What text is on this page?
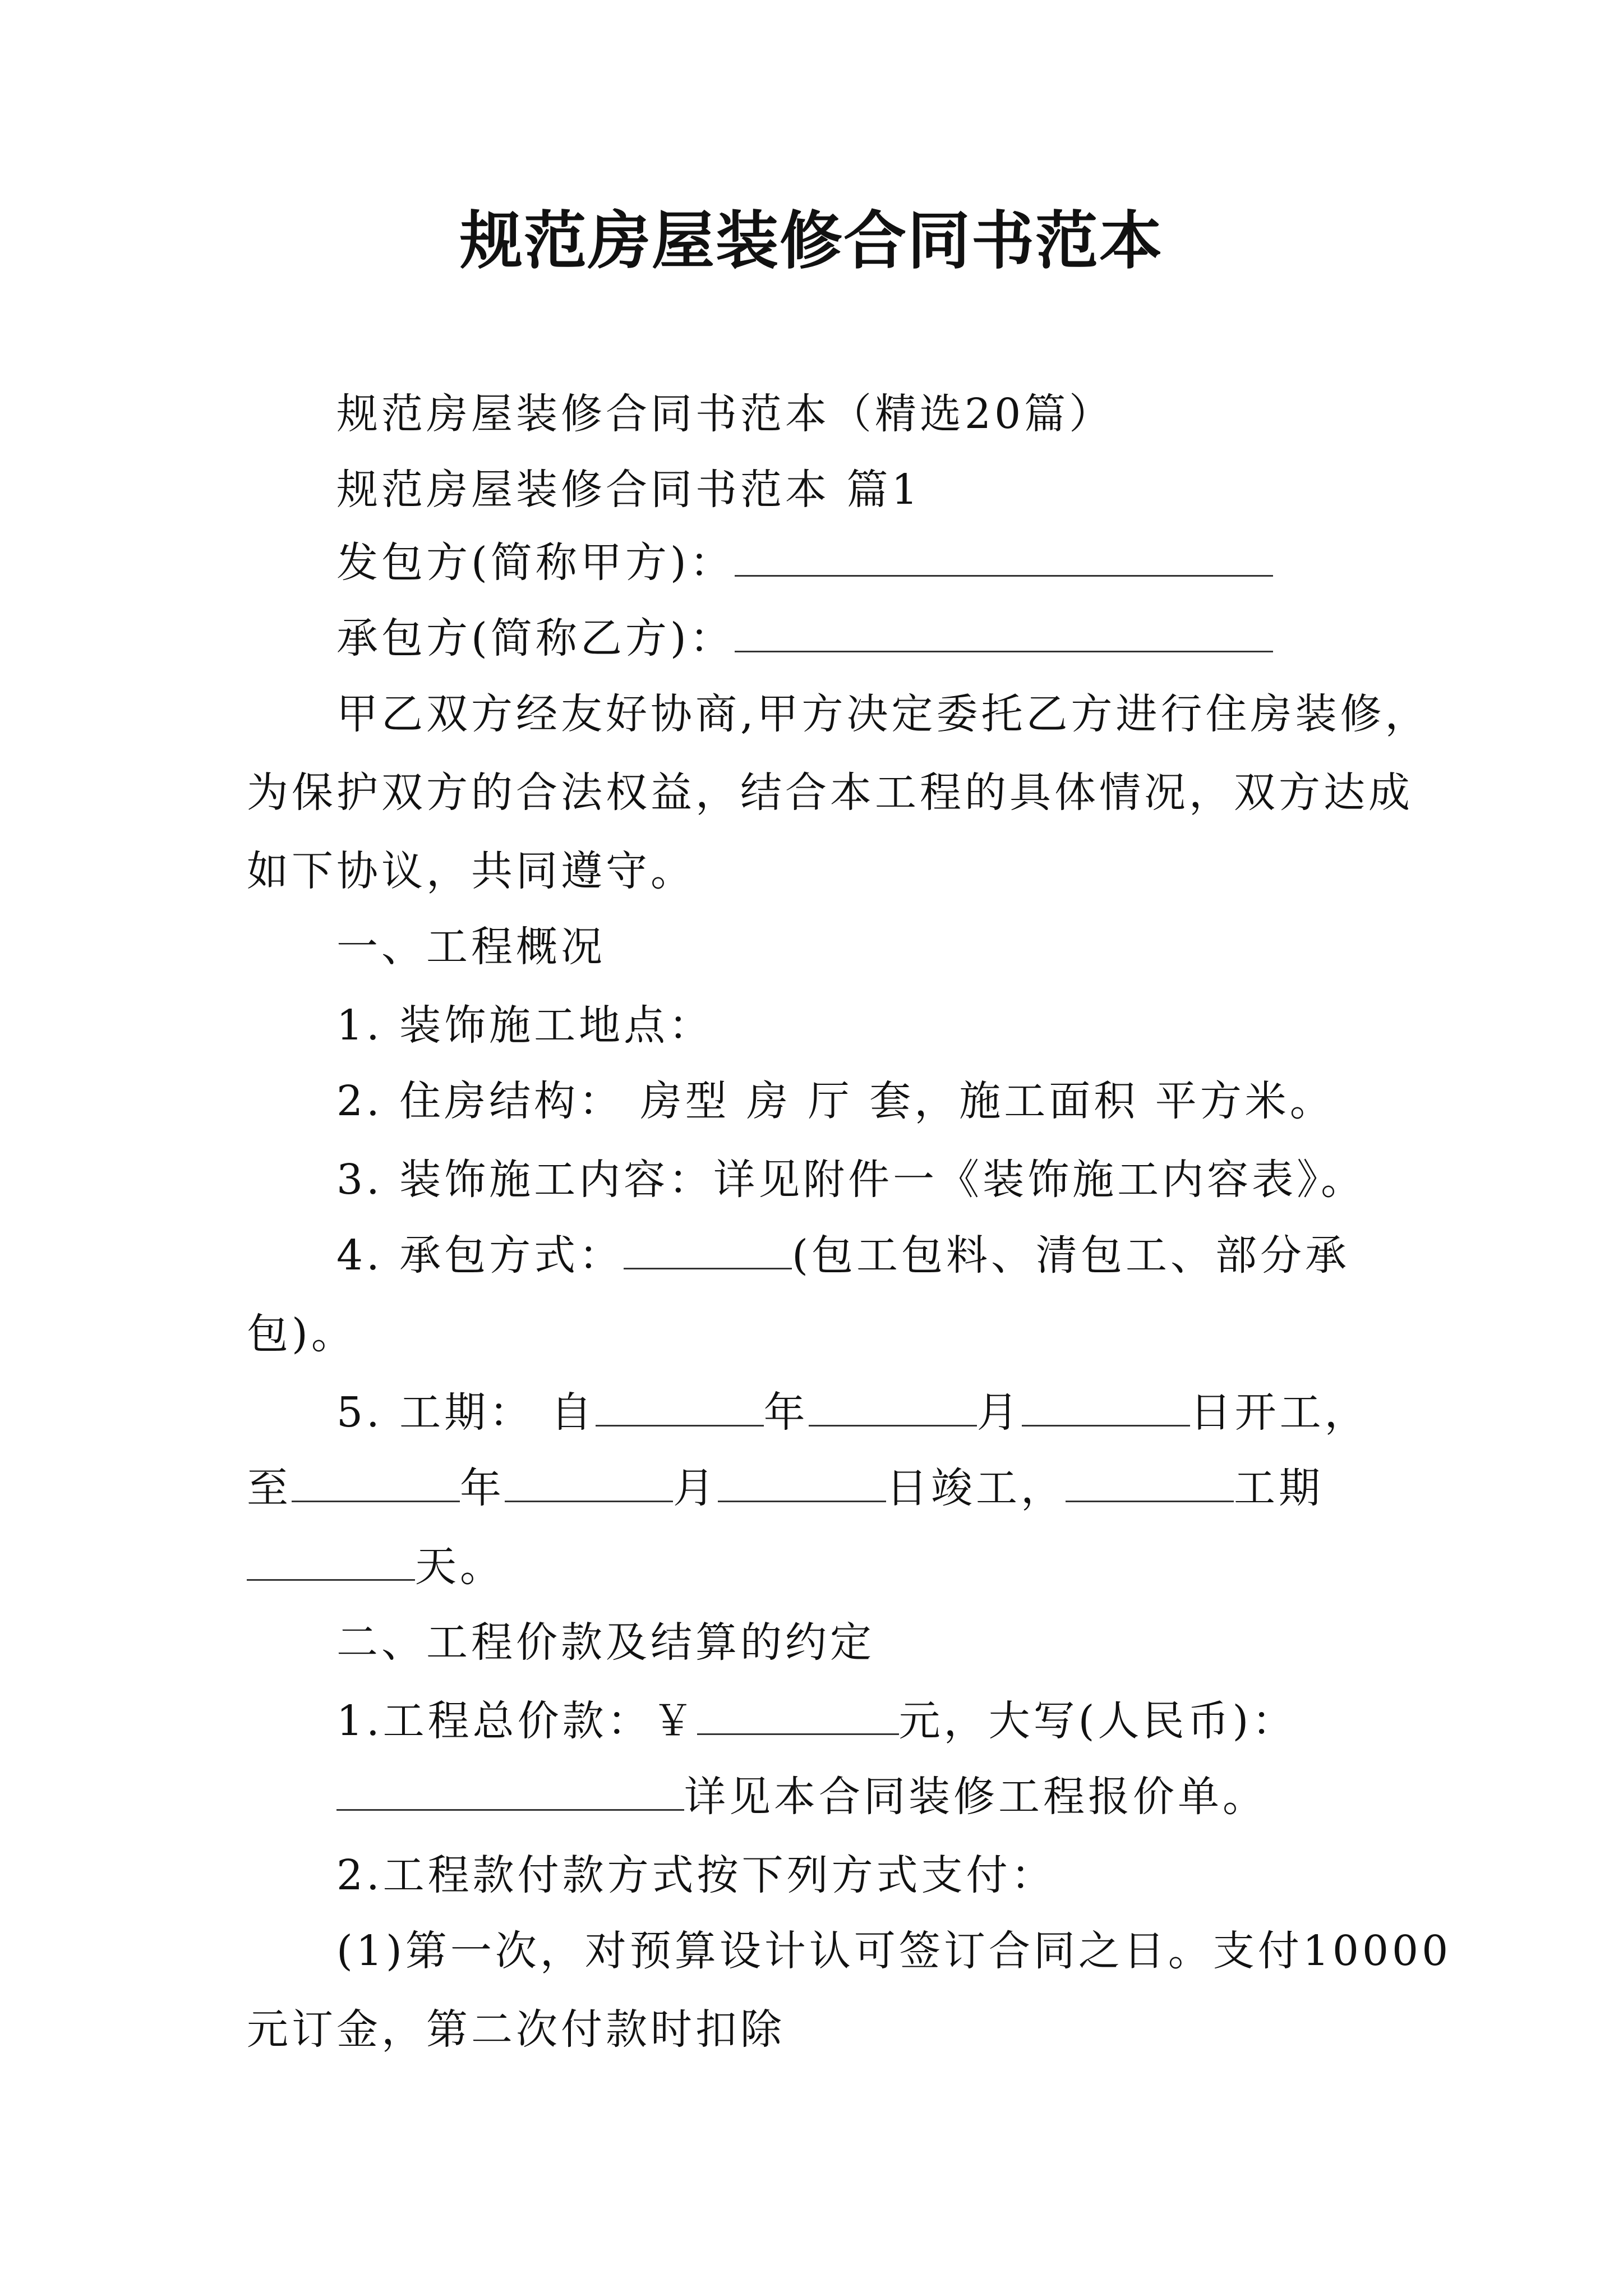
规范房屋装修合同书范本
规范房屋装修合同书范本（精选20篇）
规范房屋装修合同书范本 篇1
发包方(简称甲方)：
承包方(简称乙方)：
甲乙双方经友好协商,甲方决定委托乙方进行住房装修，
为保护双方的合法权益，结合本工程的具体情况，双方达成
如下协议，共同遵守。
一、工程概况
1. 装饰施工地点：
2. 住房结构： 房型 房 厅 套，施工面积 平方米。
3. 装饰施工内容：详见附件一《装饰施工内容表》。
4. 承包方式：	(包工包料、清包工、部分承
包)。
5. 工期： 自	年	月	日开工，
至	年	月	日竣工，	工期
天。
二、工程价款及结算的约定
1.工程总价款：￥	元，大写(人民币)：
详见本合同装修工程报价单。
2.工程款付款方式按下列方式支付：
(1)第一次，对预算设计认可签订合同之日。支付10000
元订金，第二次付款时扣除
